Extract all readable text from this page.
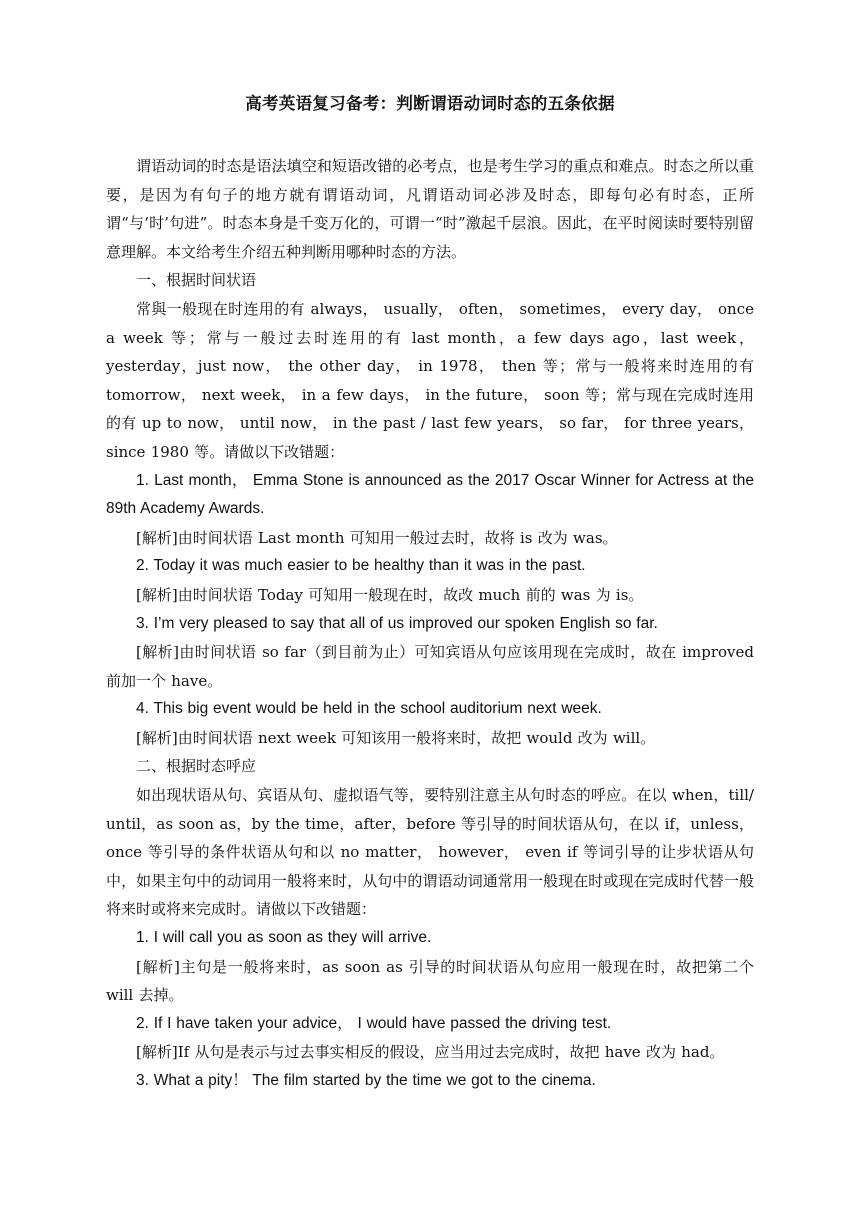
高考英语复习备考：判断谓语动词时态的五条依据

谓语动词的时态是语法填空和短语改错的必考点，也是考生学习的重点和难点。时态之所以重要，是因为有句子的地方就有谓语动词，凡谓语动词必涉及时态，即每句必有时态，正所谓“与‘时’句进”。时态本身是千变万化的，可谓一“时”激起千层浪。因此，在平时阅读时要特别留意理解。本文给考生介绍五种判断用哪种时态的方法。

一、根据时间状语

常與一般现在时连用的有 always， usually， often， sometimes， every day， once a week 等；常与一般过去时连用的有 last month，a few days ago，last week，yesterday，just now， the other day， in 1978， then 等；常与一般将来时连用的有 tomorrow， next week， in a few days， in the future， soon 等；常与现在完成时连用的有 up to now， until now， in the past / last few years， so far， for three years， since 1980 等。请做以下改错题：

1. Last month， Emma Stone is announced as the 2017 Oscar Winner for Actress at the 89th Academy Awards.

[解析]由时间状语 Last month 可知用一般过去时，故将 is 改为 was。

2. Today it was much easier to be healthy than it was in the past.

[解析]由时间状语 Today 可知用一般现在时，故改 much 前的 was 为 is。

3. I’m very pleased to say that all of us improved our spoken English so far.

[解析]由时间状语 so far（到目前为止）可知宾语从句应该用现在完成时，故在 improved 前加一个 have。

4. This big event would be held in the school auditorium next week.

[解析]由时间状语 next week 可知该用一般将来时，故把 would 改为 will。

二、根据时态呼应

如出现状语从句、宾语从句、虚拟语气等，要特别注意主从句时态的呼应。在以 when，till/ until，as soon as，by the time，after，before 等引导的时间状语从句，在以 if，unless，once 等引导的条件状语从句和以 no matter， however， even if 等词引导的让步状语从句中，如果主句中的动词用一般将来时，从句中的谓语动词通常用一般现在时或现在完成时代替一般将来时或将来完成时。请做以下改错题：

1. I will call you as soon as they will arrive.

[解析]主句是一般将来时，as soon as 引导的时间状语从句应用一般现在时，故把第二个 will 去掉。

2. If I have taken your advice， I would have passed the driving test.

[解析]If 从句是表示与过去事实相反的假设，应当用过去完成时，故把 have 改为 had。

3. What a pity！ The film started by the time we got to the cinema.
